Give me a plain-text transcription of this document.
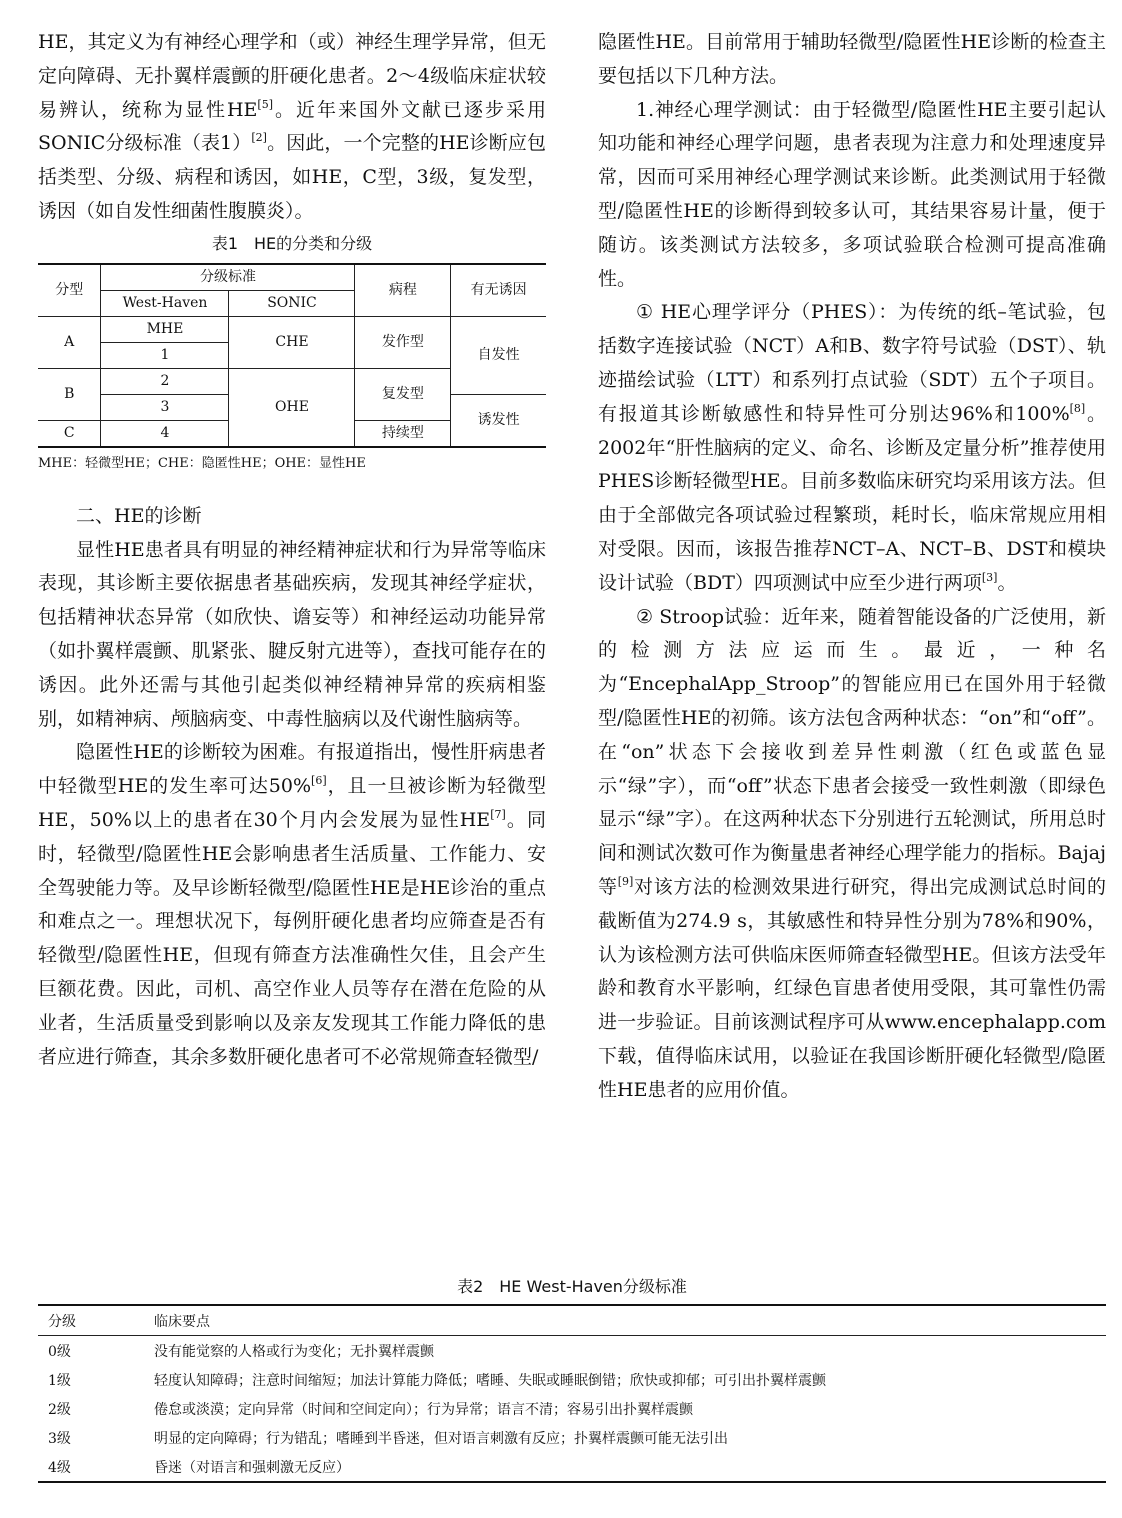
HE，其定义为有神经心理学和（或）神经生理学异常，但无定向障碍、无扑翼样震颤的肝硬化患者。2～4级临床症状较易辨认，统称为显性HE[5]。近年来国外文献已逐步采用SONIC分级标准（表1）[2]。因此，一个完整的HE诊断应包括类型、分级、病程和诱因，如HE，C型，3级，复发型，诱因（如自发性细菌性腹膜炎）。

表1　HE的分类和分级
分型	分级标准		病程	有无诱因
	West-Haven	SONIC		
A	MHE	CHE	发作型	自发性
	1			
B	2	OHE	复发型	
	3			诱发性
C	4		持续型	
MHE：轻微型HE；CHE：隐匿性HE；OHE：显性HE

二、HE的诊断

显性HE患者具有明显的神经精神症状和行为异常等临床表现，其诊断主要依据患者基础疾病，发现其神经学症状，包括精神状态异常（如欣快、谵妄等）和神经运动功能异常（如扑翼样震颤、肌紧张、腱反射亢进等），查找可能存在的诱因。此外还需与其他引起类似神经精神异常的疾病相鉴别，如精神病、颅脑病变、中毒性脑病以及代谢性脑病等。

隐匿性HE的诊断较为困难。有报道指出，慢性肝病患者中轻微型HE的发生率可达50%[6]，且一旦被诊断为轻微型HE，50%以上的患者在30个月内会发展为显性HE[7]。同时，轻微型/隐匿性HE会影响患者生活质量、工作能力、安全驾驶能力等。及早诊断轻微型/隐匿性HE是HE诊治的重点和难点之一。理想状况下，每例肝硬化患者均应筛查是否有轻微型/隐匿性HE，但现有筛查方法准确性欠佳，且会产生巨额花费。因此，司机、高空作业人员等存在潜在危险的从业者，生活质量受到影响以及亲友发现其工作能力降低的患者应进行筛查，其余多数肝硬化患者可不必常规筛查轻微型/

隐匿性HE。目前常用于辅助轻微型/隐匿性HE诊断的检查主要包括以下几种方法。

1.神经心理学测试：由于轻微型/隐匿性HE主要引起认知功能和神经心理学问题，患者表现为注意力和处理速度异常，因而可采用神经心理学测试来诊断。此类测试用于轻微型/隐匿性HE的诊断得到较多认可，其结果容易计量，便于随访。该类测试方法较多，多项试验联合检测可提高准确性。

① HE心理学评分（PHES）：为传统的纸–笔试验，包括数字连接试验（NCT）A和B、数字符号试验（DST）、轨迹描绘试验（LTT）和系列打点试验（SDT）五个子项目。有报道其诊断敏感性和特异性可分别达96%和100%[8]。2002年“肝性脑病的定义、命名、诊断及定量分析”推荐使用PHES诊断轻微型HE。目前多数临床研究均采用该方法。但由于全部做完各项试验过程繁琐，耗时长，临床常规应用相对受限。因而，该报告推荐NCT–A、NCT–B、DST和模块设计试验（BDT）四项测试中应至少进行两项[3]。

② Stroop试验：近年来，随着智能设备的广泛使用，新的检测方法应运而生。最近，一种名为“EncephalApp_Stroop”的智能应用已在国外用于轻微型/隐匿性HE的初筛。该方法包含两种状态：“on”和“off”。在“on”状态下会接收到差异性刺激（红色或蓝色显示“绿”字），而“off”状态下患者会接受一致性刺激（即绿色显示“绿”字）。在这两种状态下分别进行五轮测试，所用总时间和测试次数可作为衡量患者神经心理学能力的指标。Bajaj等[9]对该方法的检测效果进行研究，得出完成测试总时间的截断值为274.9 s，其敏感性和特异性分别为78%和90%，认为该检测方法可供临床医师筛查轻微型HE。但该方法受年龄和教育水平影响，红绿色盲患者使用受限，其可靠性仍需进一步验证。目前该测试程序可从www.encephalapp.com下载，值得临床试用，以验证在我国诊断肝硬化轻微型/隐匿性HE患者的应用价值。

表2　HE West-Haven分级标准
分级	临床要点
0级	没有能觉察的人格或行为变化；无扑翼样震颤
1级	轻度认知障碍；注意时间缩短；加法计算能力降低；嗜睡、失眠或睡眠倒错；欣快或抑郁；可引出扑翼样震颤
2级	倦怠或淡漠；定向异常（时间和空间定向）；行为异常；语言不清；容易引出扑翼样震颤
3级	明显的定向障碍；行为错乱；嗜睡到半昏迷，但对语言刺激有反应；扑翼样震颤可能无法引出
4级	昏迷（对语言和强刺激无反应）
